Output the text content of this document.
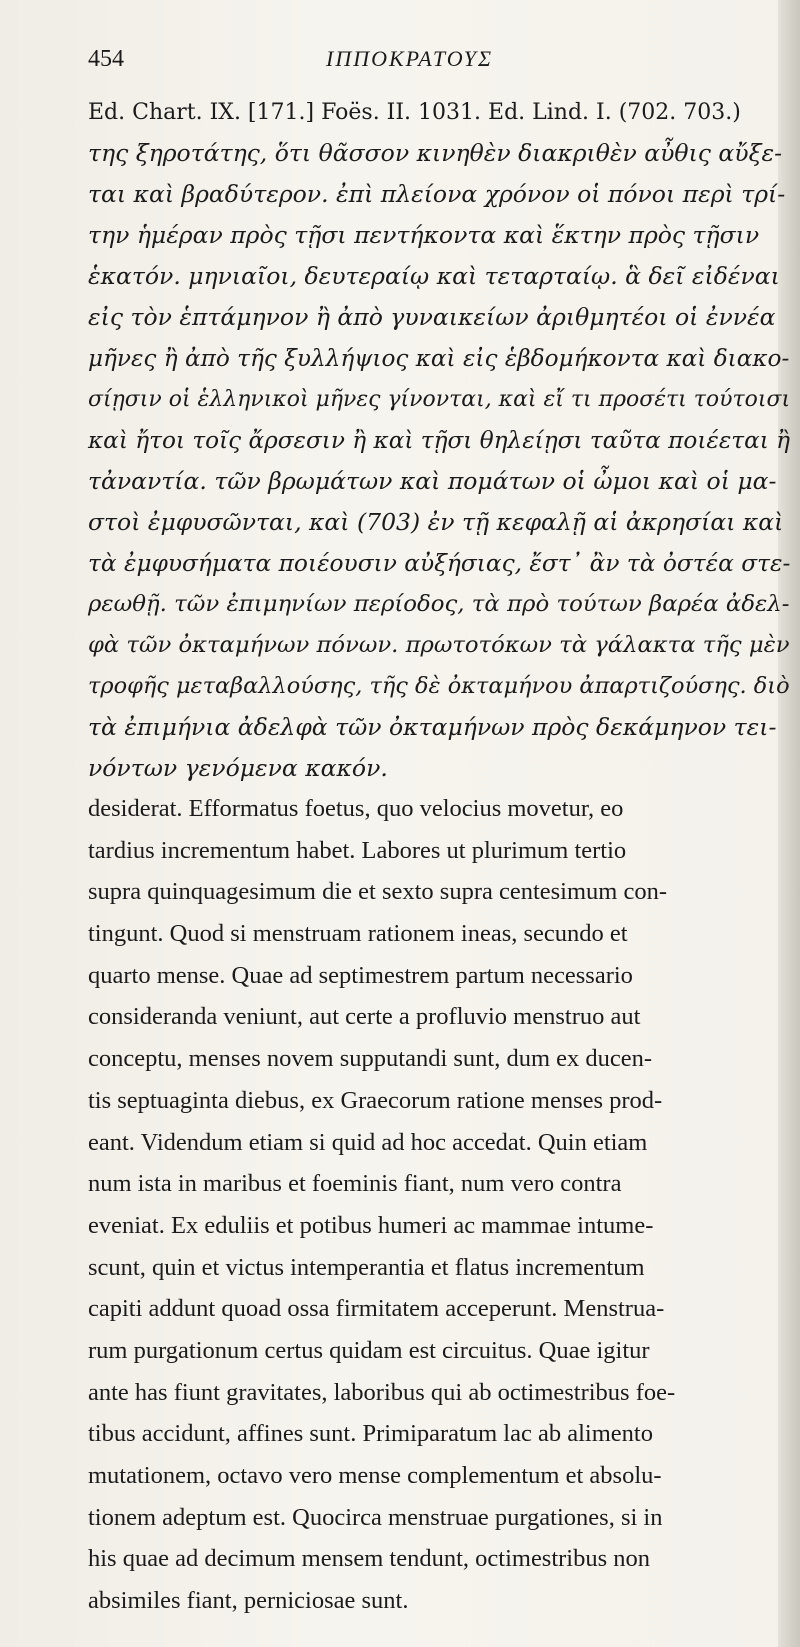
454	ΙΠΠΟΚΡΑΤΟΥΣ
Ed. Chart. IX. [171.] Foës. II. 1031. Ed. Lind. I. (702. 703.)
της ξηροτάτης, ὅτι θᾶσσον κινηθὲν διακριθὲν αὖθις αὔξε-
ται καὶ βραδύτερον. ἐπὶ πλείονα χρόνον οἱ πόνοι περὶ τρί-
την ἡμέραν πρὸς τῇσι πεντήκοντα καὶ ἕκτην πρὸς τῇσιν
ἑκατόν. μηνιαῖοι, δευτεραίῳ καὶ τεταρταίῳ. ἃ δεῖ εἰδέναι
εἰς τὸν ἑπτάμηνον ἢ ἀπὸ γυναικείων ἀριθμητέοι οἱ ἐννέα
μῆνες ἢ ἀπὸ τῆς ξυλλήψιος καὶ εἰς ἑβδομήκοντα καὶ διακο-
σίῃσιν οἱ ἑλληνικοὶ μῆνες γίνονται, καὶ εἴ τι προσέτι τούτοισι
καὶ ἤτοι τοῖς ἄρσεσιν ἢ καὶ τῇσι θηλείῃσι ταῦτα ποιέεται ἢ
τἀναντία. τῶν βρωμάτων καὶ πομάτων οἱ ὦμοι καὶ οἱ μα-
στοὶ ἐμφυσῶνται, καὶ (703) ἐν τῇ κεφαλῇ αἱ ἀκρησίαι καὶ
τὰ ἐμφυσήματα ποιέουσιν αὐξήσιας, ἔστ᾽ ἂν τὰ ὀστέα στε-
ρεωθῇ. τῶν ἐπιμηνίων περίοδος, τὰ πρὸ τούτων βαρέα ἀδελ-
φὰ τῶν ὀκταμήνων πόνων. πρωτοτόκων τὰ γάλακτα τῆς μὲν
τροφῆς μεταβαλλούσης, τῆς δὲ ὀκταμήνου ἀπαρτιζούσης. διὸ
τὰ ἐπιμήνια ἀδελφὰ τῶν ὀκταμήνων πρὸς δεκάμηνον τει-
νόντων γενόμενα κακόν.
desiderat. Efformatus foetus, quo velocius movetur, eo
tardius incrementum habet. Labores ut plurimum tertio
supra quinquagesimum die et sexto supra centesimum con-
tingunt. Quod si menstruam rationem ineas, secundo et
quarto mense. Quae ad septimestrem partum necessario
consideranda veniunt, aut certe a profluvio menstruo aut
conceptu, menses novem supputandi sunt, dum ex ducen-
tis septuaginta diebus, ex Graecorum ratione menses prod-
eant. Videndum etiam si quid ad hoc accedat. Quin etiam
num ista in maribus et foeminis fiant, num vero contra
eveniat. Ex eduliis et potibus humeri ac mammae intume-
scunt, quin et victus intemperantia et flatus incrementum
capiti addunt quoad ossa firmitatem acceperunt. Menstrua-
rum purgationum certus quidam est circuitus. Quae igitur
ante has fiunt gravitates, laboribus qui ab octimestribus foe-
tibus accidunt, affines sunt. Primiparatum lac ab alimento
mutationem, octavo vero mense complementum et absolu-
tionem adeptum est. Quocirca menstruae purgationes, si in
his quae ad decimum mensem tendunt, octimestribus non
absimiles fiant, perniciosae sunt.
